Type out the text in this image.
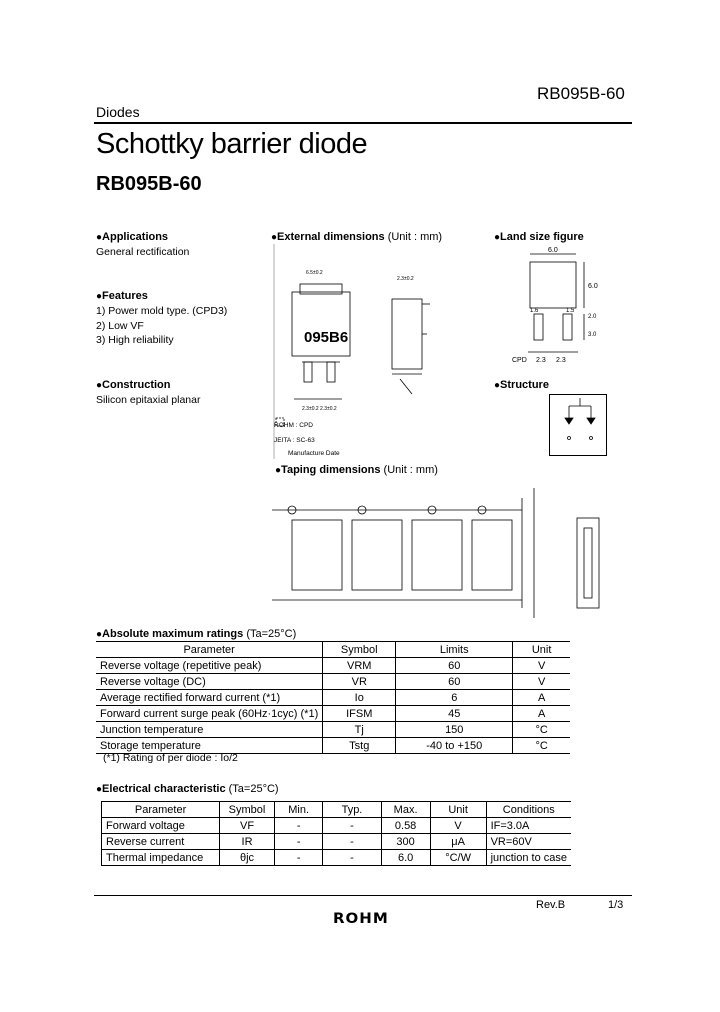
RB095B-60
Diodes
Schottky barrier diode
RB095B-60
●Applications
General rectification
●Features
1) Power mold type. (CPD3)
2) Low VF
3) High reliability
●Construction
Silicon epitaxial planar
●External dimensions (Unit : mm)
095B6
6.5±0.2
2.3±0.2
2.3±0.2 2.3±0.2
ROHM : CPD
JEITA : SC-63
Manufacture Date
●Land size figure
6.0
6.0
1.6	1.5
2.0
3.0
2.3 2.3
CPD
●Structure
●Taping dimensions (Unit : mm)
●Absolute maximum ratings (Ta=25°C)
Parameter	Symbol	Limits	Unit
Reverse voltage (repetitive peak)	VRM	60	V
Reverse voltage (DC)	VR	60	V
Average rectified forward current (*1)	Io	6	A
Forward current surge peak (60Hz·1cyc) (*1)	IFSM	45	A
Junction temperature	Tj	150	°C
Storage temperature	Tstg	-40 to +150	°C
(*1) Rating of per diode : Io/2
●Electrical characteristic (Ta=25°C)
Parameter	Symbol	Min.	Typ.	Max.	Unit	Conditions
Forward voltage	VF	-	-	0.58	V	IF=3.0A
Reverse current	IR	-	-	300	μA	VR=60V
Thermal impedance	θjc	-	-	6.0	°C/W	junction to case
Rev.B	1/3
ROHM
